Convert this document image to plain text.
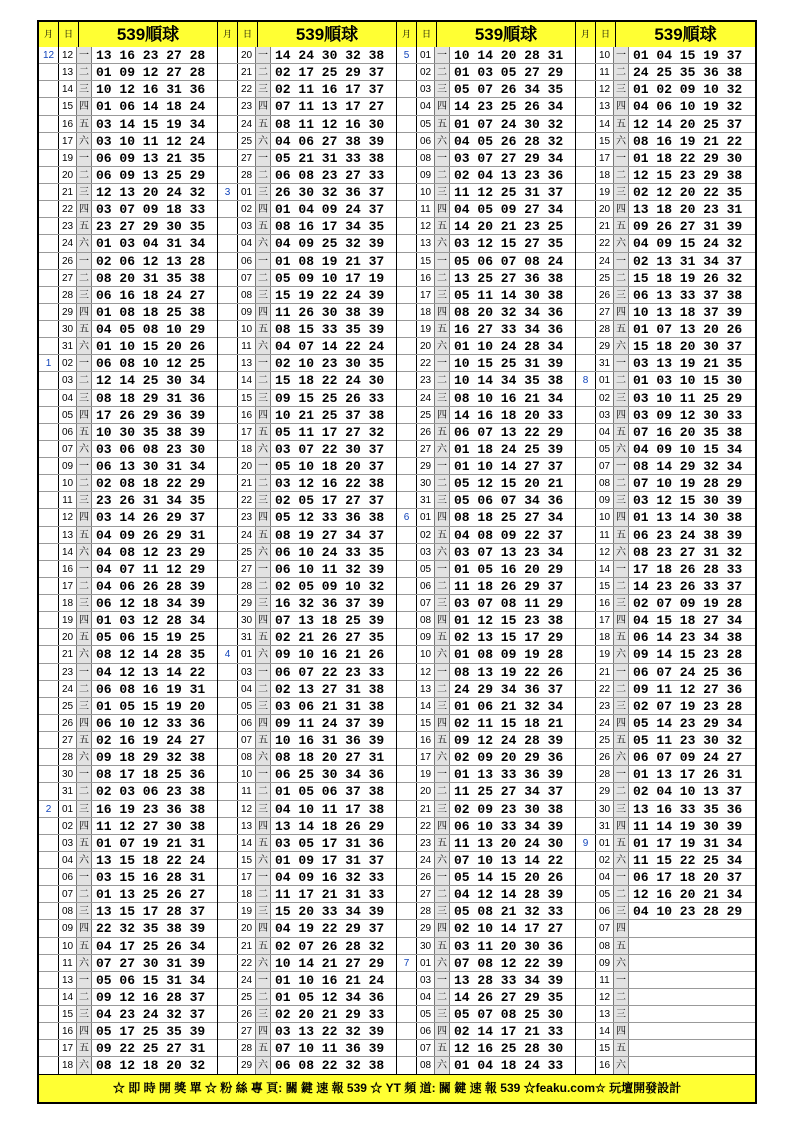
月	日	539順球	月	日	539順球	月	日	539順球	月	日	539順球
12 12 一 13 16 23 27 28
13 二 01 09 12 27 28
14 三 10 12 16 31 36
15 四 01 06 14 18 24
16 五 03 14 15 19 34
17 六 03 10 11 12 24
19 一 06 09 13 21 35
20 二 06 09 13 25 29
21 三 12 13 20 24 32
22 四 03 07 09 18 33
23 五 23 27 29 30 35
24 六 01 03 04 31 34
26 一 02 06 12 13 28
27 二 08 20 31 35 38
28 三 06 16 18 24 27
29 四 01 08 18 25 38
30 五 04 05 08 10 29
31 六 01 10 15 20 26
1	02 一 06 08 10 12 25
03 二 12 14 25 30 34
04 三 08 18 29 31 36
05 四 17 26 29 36 39
06 五 10 30 35 38 39
07 六 03 06 08 23 30
09 一 06 13 30 31 34
10 二 02 08 18 22 29
11 三 23 26 31 34 35
12 四 03 14 26 29 37
13 五 04 09 26 29 31
14 六 04 08 12 23 29
16 一 04 07 11 12 29
17 二 04 06 26 28 39
18 三 06 12 18 34 39
19 四 01 03 12 28 34
20 五 05 06 15 19 25
21 六 08 12 14 28 35
23 一 04 12 13 14 22
24 二 06 08 16 19 31
25 三 01 05 15 19 20
26 四 06 10 12 33 36
27 五 02 16 19 24 27
28 六 09 18 29 32 38
30 一 08 17 18 25 36
31 二 02 03 06 23 38
2	01 三 16 19 23 36 38
02 四 11 12 27 30 38
03 五 01 07 19 21 31
04 六 13 15 18 22 24
06 一 03 15 16 28 31
07 二 01 13 25 26 27
08 三 13 15 17 28 37
09 四 22 32 35 38 39
10 五 04 17 25 26 34
11 六 07 27 30 31 39
13 一 05 06 15 31 34
14 二 09 12 16 28 37
15 三 04 23 24 32 37
16 四 05 17 25 35 39
17 五 09 22 25 27 31
18 六 08 12 18 20 32
20 一 14 24 30 32 38
21 二 02 17 25 29 37
22 三 02 11 16 17 37
23 四 07 11 13 17 27
24 五 08 11 12 16 30
25 六 04 06 27 38 39
27 一 05 21 31 33 38
28 二 06 08 23 27 33
3	01 三 26 30 32 36 37
02 四 01 04 09 24 37
03 五 08 16 17 34 35
04 六 04 09 25 32 39
06 一 01 08 19 21 37
07 二 05 09 10 17 19
08 三 15 19 22 24 39
09 四 11 26 30 38 39
10 五 08 15 33 35 39
11 六 04 07 14 22 24
13 一 02 10 23 30 35
14 二 15 18 22 24 30
15 三 09 15 25 26 33
16 四 10 21 25 37 38
17 五 05 11 17 27 32
18 六 03 07 22 30 37
20 一 05 10 18 20 37
21 二 03 12 16 22 38
22 三 02 05 17 27 37
23 四 05 12 33 36 38
24 五 08 19 27 34 37
25 六 06 10 24 33 35
27 一 06 10 11 32 39
28 二 02 05 09 10 32
29 三 16 32 36 37 39
30 四 07 13 18 25 39
31 五 02 21 26 27 35
4	01 六 09 10 16 21 26
03 一 06 07 22 23 33
04 二 02 13 27 31 38
05 三 03 06 21 31 38
06 四 09 11 24 37 39
07 五 10 16 31 36 39
08 六 08 18 20 27 31
10 一 06 25 30 34 36
11 二 01 05 06 37 38
12 三 04 10 11 17 38
13 四 13 14 18 26 29
14 五 03 05 17 31 36
15 六 01 09 17 31 37
17 一 04 09 16 32 33
18 二 11 17 21 31 33
19 三 15 20 33 34 39
20 四 04 19 22 29 37
21 五 02 07 26 28 32
22 六 10 14 21 27 29
24 一 01 10 16 21 24
25 二 01 05 12 34 36
26 三 02 20 21 29 33
27 四 03 13 22 32 39
28 五 07 10 11 36 39
29 六 06 08 22 32 38
5	01 一 10 14 20 28 31
02 二 01 03 05 27 29
03 三 05 07 26 34 35
04 四 14 23 25 26 34
05 五 01 07 24 30 32
06 六 04 05 26 28 32
08 一 03 07 27 29 34
09 二 02 04 13 23 36
10 三 11 12 25 31 37
11 四 04 05 09 27 34
12 五 14 20 21 23 25
13 六 03 12 15 27 35
15 一 05 06 07 08 24
16 二 13 25 27 36 38
17 三 05 11 14 30 38
18 四 08 20 32 34 36
19 五 16 27 33 34 36
20 六 01 10 24 28 34
22 一 10 15 25 31 39
23 二 10 14 34 35 38
24 三 08 10 16 21 34
25 四 14 16 18 20 33
26 五 06 07 13 22 29
27 六 01 18 24 25 39
29 一 01 10 14 27 37
30 二 05 12 15 20 21
31 三 05 06 07 34 36
6	01 四 08 18 25 27 34
02 五 04 08 09 22 37
03 六 03 07 13 23 34
05 一 01 05 16 20 29
06 二 11 18 26 29 37
07 三 03 07 08 11 29
08 四 01 12 15 23 38
09 五 02 13 15 17 29
10 六 01 08 09 19 28
12 一 08 13 19 22 26
13 二 24 29 34 36 37
14 三 01 06 21 32 34
15 四 02 11 15 18 21
16 五 09 12 24 28 39
17 六 02 09 20 29 36
19 一 01 13 33 36 39
20 二 11 25 27 34 37
21 三 02 09 23 30 38
22 四 06 10 33 34 39
23 五 11 13 20 24 30
24 六 07 10 13 14 22
26 一 05 14 15 20 26
27 二 04 12 14 28 39
28 三 05 08 21 32 33
29 四 02 10 14 17 27
30 五 03 11 20 30 36
7	01 六 07 08 12 22 39
03 一 13 28 33 34 39
04 二 14 26 27 29 35
05 三 05 07 08 25 30
06 四 02 14 17 21 33
07 五 12 16 25 28 30
08 六 01 04 18 24 33
10 一 01 04 15 19 37
11 二 24 25 35 36 38
12 三 01 02 09 10 32
13 四 04 06 10 19 32
14 五 12 14 20 25 37
15 六 08 16 19 21 22
17 一 01 18 22 29 30
18 二 12 15 23 29 38
19 三 02 12 20 22 35
20 四 13 18 20 23 31
21 五 09 26 27 31 39
22 六 04 09 15 24 32
24 一 02 13 31 34 37
25 二 15 18 19 26 32
26 三 06 13 33 37 38
27 四 10 13 18 37 39
28 五 01 07 13 20 26
29 六 15 18 20 30 37
31 一 03 13 19 21 35
8	01 二 01 03 10 15 30
02 三 03 10 11 25 29
03 四 03 09 12 30 33
04 五 07 16 20 35 38
05 六 04 09 10 15 34
07 一 08 14 29 32 34
08 二 07 10 19 28 29
09 三 03 12 15 30 39
10 四 01 13 14 30 38
11 五 06 23 24 38 39
12 六 08 23 27 31 32
14 一 17 18 26 28 33
15 二 14 23 26 33 37
16 三 02 07 09 19 28
17 四 04 15 18 27 34
18 五 06 14 23 34 38
19 六 09 14 15 23 28
21 一 06 07 24 25 36
22 二 09 11 12 27 36
23 三 02 07 19 23 28
24 四 05 14 23 29 34
25 五 05 11 23 30 32
26 六 06 07 09 24 27
28 一 01 13 17 26 31
29 二 02 04 10 13 37
30 三 13 16 33 35 36
31 四 11 14 19 30 39
9	01 五 01 17 19 31 34
02 六 11 15 22 25 34
04 一 06 17 18 20 37
05 二 12 16 20 21 34
06 三 04 10 23 28 29
07 四
08 五
09 六
11 一
12 二
13 三
14 四
15 五
16 六
☆ 即 時 開 獎 單 ☆ 粉 絲 專 頁: 關 鍵 速 報 539 ☆ YT 頻 道: 關 鍵 速 報 539 ☆feaku.com☆ 玩壇開發設計
